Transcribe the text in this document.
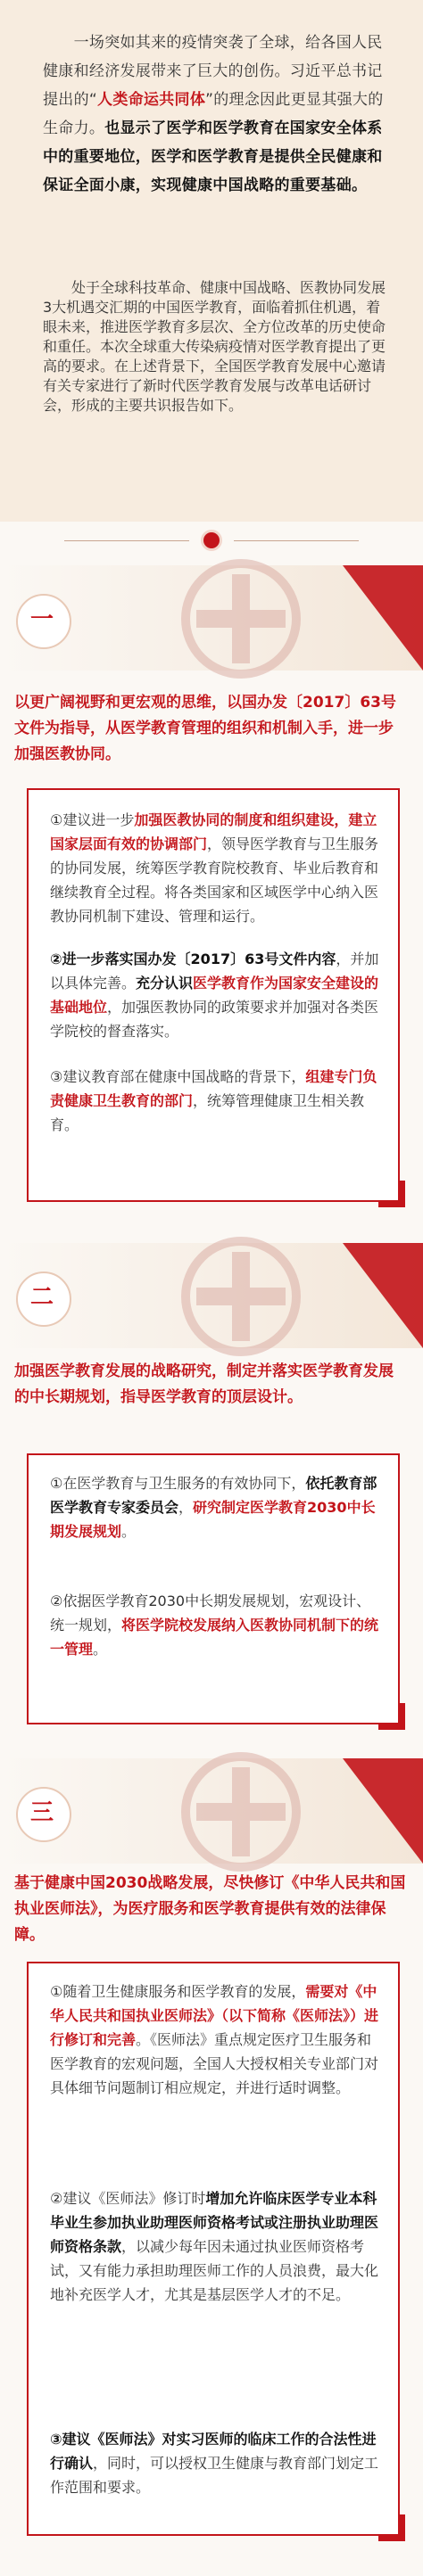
　　一场突如其来的疫情突袭了全球，给各国人民健康和经济发展带来了巨大的创伤。习近平总书记提出的“人类命运共同体”的理念因此更显其强大的生命力。也显示了医学和医学教育在国家安全体系中的重要地位，医学和医学教育是提供全民健康和保证全面小康，实现健康中国战略的重要基础。

　　处于全球科技革命、健康中国战略、医教协同发展3大机遇交汇期的中国医学教育，面临着抓住机遇，着眼未来，推进医学教育多层次、全方位改革的历史使命和重任。本次全球重大传染病疫情对医学教育提出了更高的要求。在上述背景下，全国医学教育发展中心邀请有关专家进行了新时代医学教育发展与改革电话研讨会，形成的主要共识报告如下。

一

以更广阔视野和更宏观的思维，以国办发〔2017〕63号文件为指导，从医学教育管理的组织和机制入手，进一步加强医教协同。

①建议进一步加强医教协同的制度和组织建设，建立国家层面有效的协调部门，领导医学教育与卫生服务的协同发展，统筹医学教育院校教育、毕业后教育和继续教育全过程。将各类国家和区域医学中心纳入医教协同机制下建设、管理和运行。

②进一步落实国办发〔2017〕63号文件内容，并加以具体完善。充分认识医学教育作为国家安全建设的基础地位，加强医教协同的政策要求并加强对各类医学院校的督查落实。

③建议教育部在健康中国战略的背景下，组建专门负责健康卫生教育的部门，统筹管理健康卫生相关教育。

二

加强医学教育发展的战略研究，制定并落实医学教育发展的中长期规划，指导医学教育的顶层设计。

①在医学教育与卫生服务的有效协同下，依托教育部医学教育专家委员会，研究制定医学教育2030中长期发展规划。

②依据医学教育2030中长期发展规划，宏观设计、统一规划，将医学院校发展纳入医教协同机制下的统一管理。

三

基于健康中国2030战略发展，尽快修订《中华人民共和国执业医师法》，为医疗服务和医学教育提供有效的法律保障。

①随着卫生健康服务和医学教育的发展，需要对《中华人民共和国执业医师法》（以下简称《医师法》）进行修订和完善。《医师法》重点规定医疗卫生服务和医学教育的宏观问题，全国人大授权相关专业部门对具体细节问题制订相应规定，并进行适时调整。

②建议《医师法》修订时增加允许临床医学专业本科毕业生参加执业助理医师资格考试或注册执业助理医师资格条款，以减少每年因未通过执业医师资格考试，又有能力承担助理医师工作的人员浪费，最大化地补充医学人才，尤其是基层医学人才的不足。

③建议《医师法》对实习医师的临床工作的合法性进行确认，同时，可以授权卫生健康与教育部门划定工作范围和要求。
